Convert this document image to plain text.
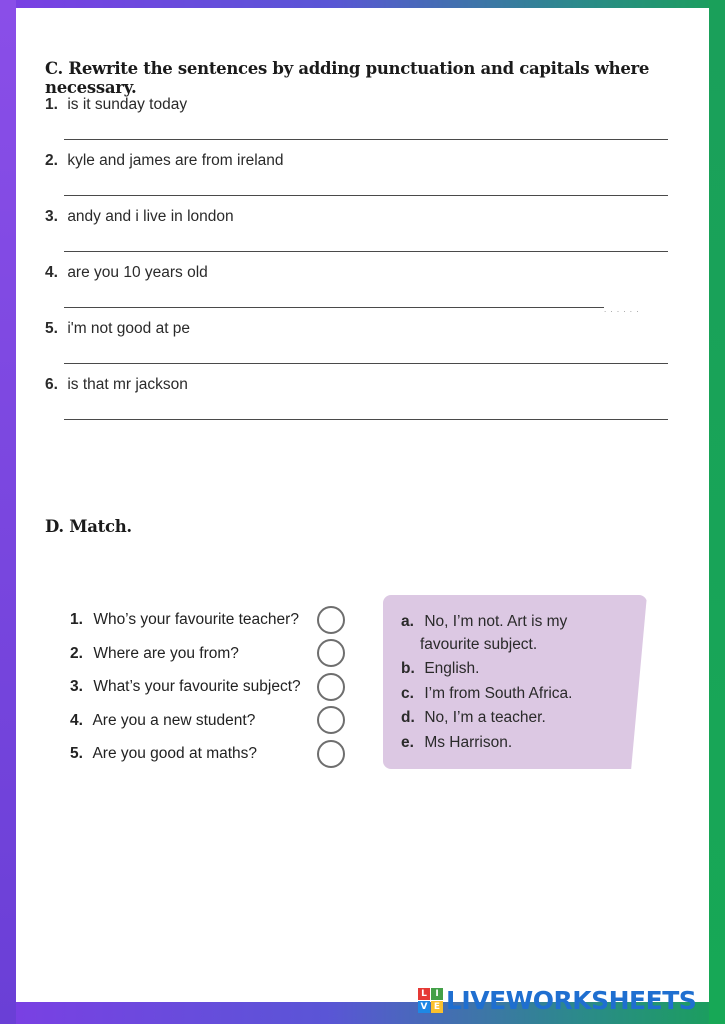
C. Rewrite the sentences by adding punctuation and capitals where necessary.
1. is it sunday today
2. kyle and james are from ireland
3. andy and i live in london
4. are you 10 years old
. . . . . .
5. i'm not good at pe
6. is that mr jackson
D. Match.
1. Who’s your favourite teacher?
2. Where are you from?
3. What’s your favourite subject?
4. Are you a new student?
5. Are you good at maths?
a. No, I’m not. Art is my
favourite subject.
b. English.
c. I’m from South Africa.
d. No, I’m a teacher.
e. Ms Harrison.
L I
V E LIVEWORKSHEETS
